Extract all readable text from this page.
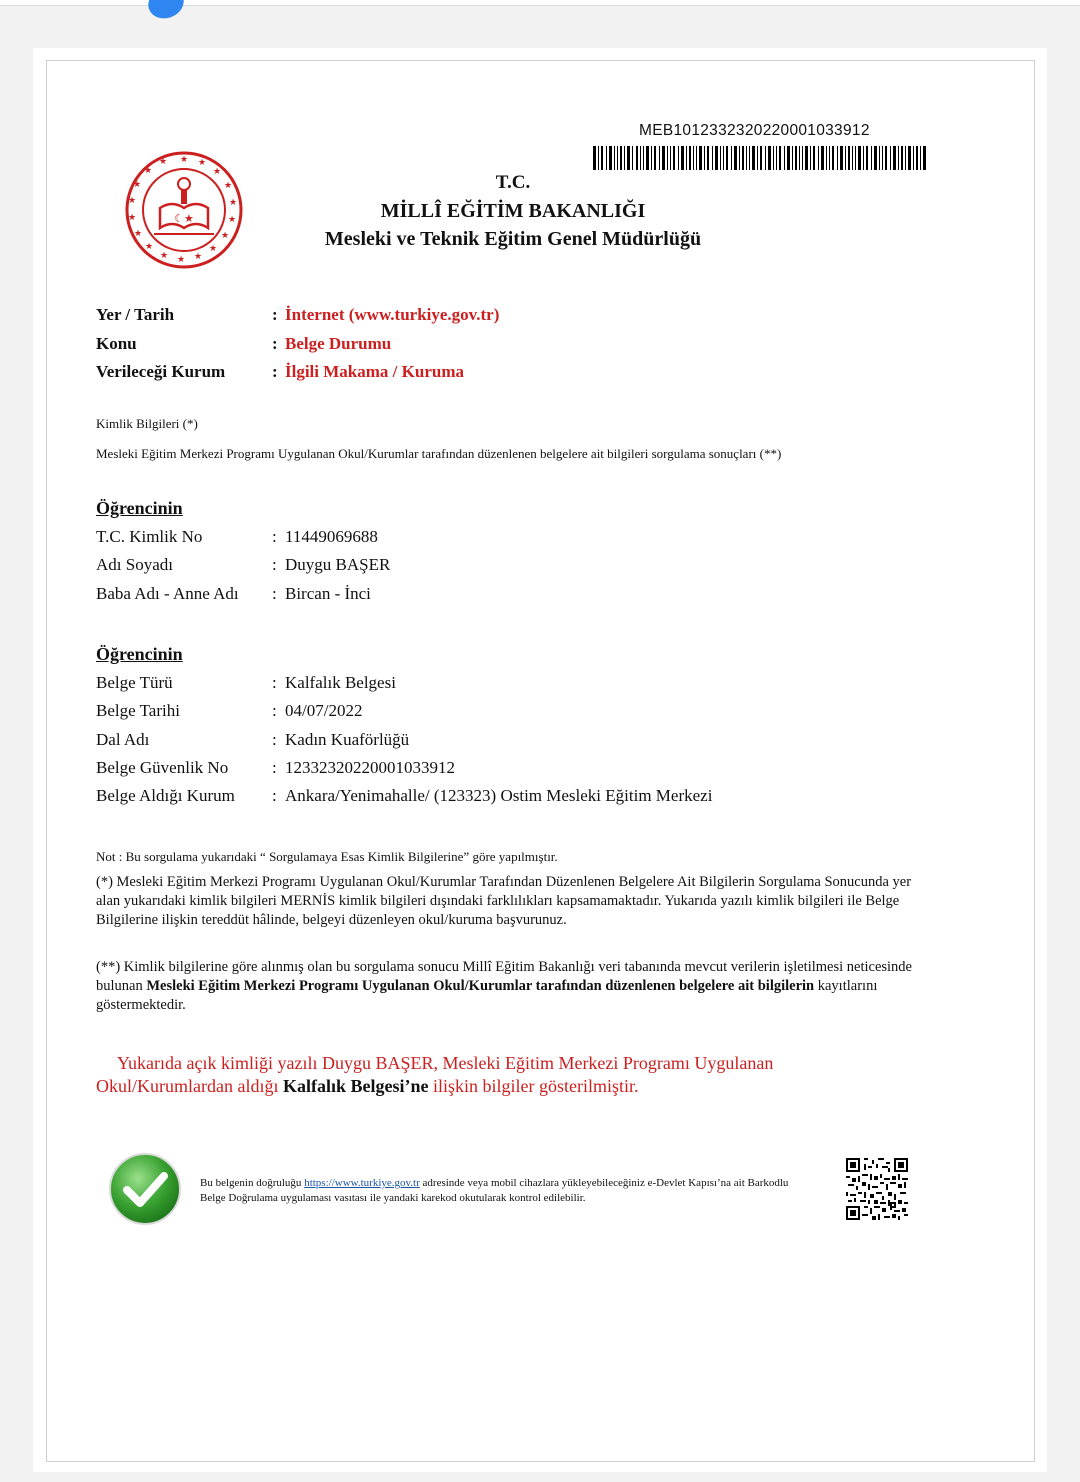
MEB101233232022000103391​2
★ ★
★
★
★
★
★
★
★
★
★
★
★
★
★
★
★
★
☾★
T.C.
MİLLÎ EĞİTİM BAKANLIĞI
Mesleki ve Teknik Eğitim Genel Müdürlüğü
Yer / Tarih	: İnternet (www.turkiye.gov.tr)
Konu	: Belge Durumu
Verileceği Kurum	: İlgili Makama / Kuruma
Kimlik Bilgileri (*)
Mesleki Eğitim Merkezi Programı Uygulanan Okul/Kurumlar tarafından düzenlenen belgelere ait bilgileri sorgulama sonuçları (**)
Öğrencinin
T.C. Kimlik No	: 11449069688
Adı Soyadı	: Duygu BAŞER
Baba Adı - Anne Adı	: Bircan - İnci
Öğrencinin
Belge Türü	: Kalfalık Belgesi
Belge Tarihi	: 04/07/2022
Dal Adı	: Kadın Kuaförlüğü
Belge Güvenlik No	: 12332320220001033912
Belge Aldığı Kurum	: Ankara/Yenimahalle/ (123323) Ostim Mesleki Eğitim Merkezi
Not : Bu sorgulama yukarıdaki “ Sorgulamaya Esas Kimlik Bilgilerine” göre yapılmıştır.
(*) Mesleki Eğitim Merkezi Programı Uygulanan Okul/Kurumlar Tarafından Düzenlenen Belgelere Ait Bilgilerin Sorgulama Sonucunda yer alan yukarıdaki kimlik bilgileri MERNİS kimlik bilgileri dışındaki farklılıkları kapsamamaktadır. Yukarıda yazılı kimlik bilgileri ile Belge Bilgilerine ilişkin tereddüt hâlinde, belgeyi düzenleyen okul/kuruma başvurunuz.
(**) Kimlik bilgilerine göre alınmış olan bu sorgulama sonucu Millî Eğitim Bakanlığı veri tabanında mevcut verilerin işletilmesi neticesinde bulunan Mesleki Eğitim Merkezi Programı Uygulanan Okul/Kurumlar tarafından düzenlenen belgelere ait bilgilerin kayıtlarını göstermektedir.
Yukarıda açık kimliği yazılı Duygu BAŞER, Mesleki Eğitim Merkezi Programı Uygulanan Okul/Kurumlardan aldığı Kalfalık Belgesi’ne ilişkin bilgiler gösterilmiştir.
Bu belgenin doğruluğu https://www.turkiye.gov.tr adresinde veya mobil cihazlara yükleyebileceğiniz e-Devlet Kapısı’na ait Barkodlu Belge Doğrulama uygulaması vasıtası ile yandaki karekod okutularak kontrol edilebilir.
